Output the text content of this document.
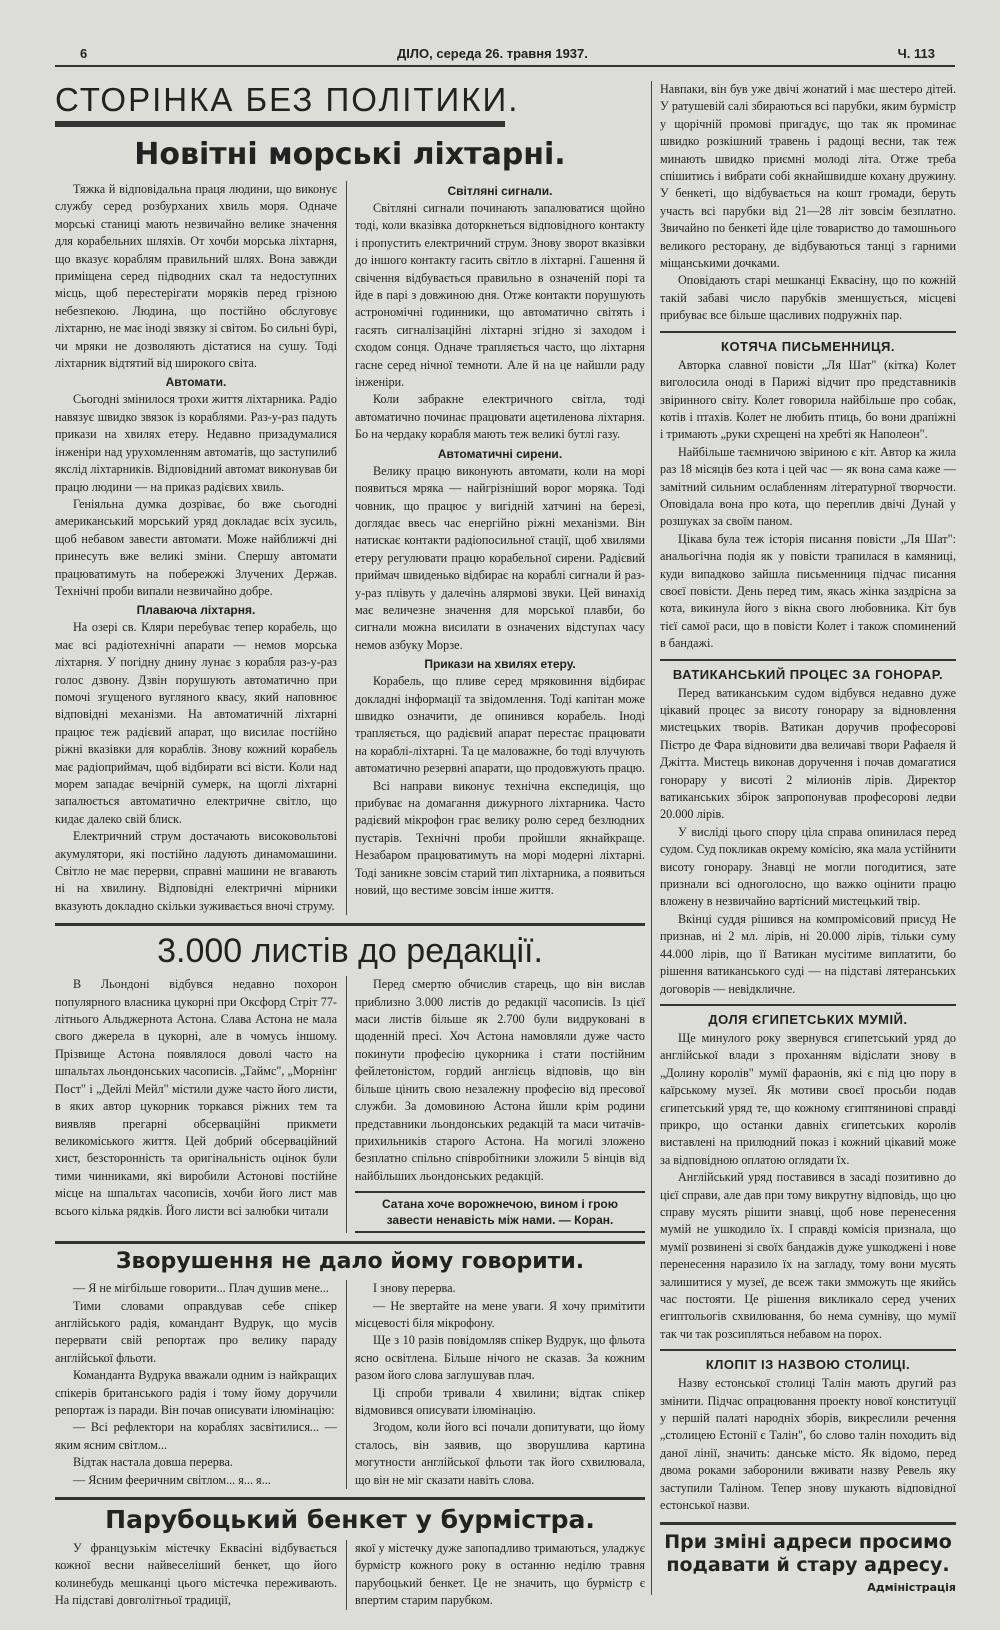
6	ДІЛО, середа 26. травня 1937.	Ч. 113
СТОРІНКА БЕЗ ПОЛІТИКИ.
Новітні морські ліхтарні.

Тяжка й відповідальна праця людини, що виконує службу серед розбурханих хвиль моря. Одначе морські станиці мають незвичайно велике значення для корабельних шляхів. От хочби морська ліхтарня, що вказує кораблям правильний шлях. Вона завжди приміщена серед підводних скал та недоступних місць, щоб перестерігати моряків перед грізною небезпекою. Людина, що постійно обслуговує ліхтарню, не має іноді звязку зі світом. Бо сильні бурі, чи мряки не дозволяють дістатися на сушу. Тоді ліхтарник відтятий від широкого світа.

Автомати.

Сьогодні змінилося трохи життя ліхтарника. Радіо навязує швидко звязок із кораблями. Раз-у-раз падуть прикази на хвилях етеру. Недавно призадумалися інженіри над урухомленням автоматів, що заступилиб якслід ліхтарників. Відповідний автомат виконував би працю людини — на приказ радієвих хвиль.

Геніяльна думка дозріває, бо вже сьогодні американський морський уряд докладає всіх зусиль, щоб небавом завести автомати. Може найближчі дні принесуть вже великі зміни. Спершу автомати працюватимуть на побережжі Злучених Держав. Технічні проби випали незвичайно добре.

Плаваюча ліхтарня.

На озері св. Кляри перебуває тепер корабель, що має всі радіотехнічні апарати — немов морська ліхтарня. У погідну днину лунає з корабля раз-у-раз голос дзвону. Дзвін порушують автоматично при помочі згущеного вугляного квасу, який наповнює відповідні механізми. На автоматичній ліхтарні працює теж радієвий апарат, що висилає постійно ріжні вказівки для кораблів. Знову кожний корабель має радіоприймач, щоб відбирати всі вісти. Коли над морем западає вечірній сумерк, на щоглі ліхтарні запалюється автоматично електричне світло, що кидає далеко свій блиск.

Електричний струм достачають високовольтові акумулятори, які постійно ладують динамомашини. Світло не має перерви, справні машини не вгавають ні на хвилину. Відповідні електричні мірники вказують докладно скільки зуживається вночі струму.

Світляні сигнали.

Світляні сигнали починають запалюватися щойно тоді, коли вказівка доторкнеться відповідного контакту і пропустить електричний струм. Знову зворот вказівки до іншого контакту гасить світло в ліхтарні. Гашення й свічення відбувається правильно в означеній порі та йде в парі з довжиною дня. Отже контакти порушують астрономічні годинники, що автоматично світять і гасять сигналізаційні ліхтарні згідно зі заходом і сходом сонця. Одначе трапляється часто, що ліхтарня гасне серед нічної темноти. Але й на це найшли раду інженіри.

Коли забракне електричного світла, тоді автоматично починає працювати ацетиленова ліхтарня. Бо на чердаку корабля мають теж великі бутлі газу.

Автоматичні сирени.

Велику працю виконують автомати, коли на морі появиться мряка — найгрізніший ворог моряка. Тоді човник, що працює у вигідній хатчині на березі, доглядає ввесь час енергійно ріжні механізми. Він натискає контакти радіопосильної стації, щоб хвилями етеру регулювати працю корабельної сирени. Радієвий приймач швиденько відбирає на кораблі сигнали й раз-у-раз плівуть у далечінь алярмові звуки. Цей винахід має величезне значення для морської плавби, бо сигнали можна висилати в означених відступах часу немов азбуку Морзе.

Прикази на хвилях етеру.

Корабель, що пливе серед мряковиння відбирає докладні інформації та звідомлення. Тоді капітан може швидко означити, де опинився корабель. Іноді трапляється, що радієвий апарат перестає працювати на кораблі-ліхтарні. Та це маловажне, бо тоді влучують автоматично резервні апарати, що продовжують працю.

Всі направи виконує технічна експедиція, що прибуває на домагання дижурного ліхтарника. Часто радієвий мікрофон грає велику ролю серед безлюдних пустарів. Технічні проби пройшли якнайкраще. Незабаром працюватимуть на морі модерні ліхтарні. Тоді заникне зовсім старий тип ліхтарника, а появиться новий, що вестиме зовсім інше життя.

3.000 листів до редакції.

В Льондоні відбувся недавно похорон популярного власника цукорні при Оксфорд Стріт 77-літнього Альджернота Астона. Слава Астона не мала свого джерела в цукорні, але в чомусь іншому. Прізвище Астона появлялося доволі часто на шпальтах льондонських часописів. „Таймс", „Морнінг Пост" і „Дейлі Мейл" містили дуже часто його листи, в яких автор цукорник торкався ріжних тем та виявляв прегарні обсерваційні прикмети великоміського життя. Цей добрий обсерваційний хист, безсторонність та оригінальність оцінок були тими чинниками, які виробили Астонові постійне місце на шпальтах часописів, хочби його лист мав всього кілька рядків. Його листи всі залюбки читали

Перед смертю обчислив старець, що він вислав приблизно 3.000 листів до редакції часописів. Із цієї маси листів більше як 2.700 були видруковані в щоденній пресі. Хоч Астона намовляли дуже часто покинути професію цукорника і стати постійним фейлетоністом, гордий англієць відповів, що він більше цінить свою незалежну професію від пресової служби. За домовиною Астона йшли крім родини представники льондонських редакцій та маси читачів-прихильників старого Астона. На могилі зложено безплатно спільно співробітники зложили 5 вінців від найбільших льондонських редакцій.

Сатана хоче ворожнечою, вином і грою завести ненавість між нами. — Коран.
Зворушення не дало йому говорити.

— Я не мігбільше говорити... Плач душив мене...

Тими словами оправдував себе спікер англійського радія, командант Вудрук, що мусів перервати свій репортаж про велику параду англійської фльоти.

Команданта Вудрука вважали одним із найкращих спікерів британського радія і тому йому доручили репортаж із паради. Він почав описувати ілюмінацію:

— Всі рефлектори на кораблях засвітилися... — яким ясним світлом...

Відтак настала довша перерва.

— Ясним фееричним світлом... я... я...

І знову перерва.

— Не звертайте на мене уваги. Я хочу примітити місцевості біля мікрофону.

Ще з 10 разів повідомляв спікер Вудрук, що фльота ясно освітлена. Більше нічого не сказав. За кожним разом його слова заглушував плач.

Ці спроби тривали 4 хвилини; відтак спікер відмовився описувати ілюмінацію.

Згодом, коли його всі почали допитувати, що йому сталось, він заявив, що зворушлива картина могутности англійської фльоти так його схвилювала, що він не міг сказати навіть слова.

Парубоцький бенкет у бурмістра.

У французькім містечку Еквасіні відбувається кожної весни найвеселіший бенкет, що його колинебудь мешканці цього містечка переживають. На підставі довголітньої традиції,

якої у містечку дуже запопадливо тримаються, уладжує бурмістр кожного року в останню неділю травня парубоцький бенкет. Це не значить, що бурмістр є впертим старим парубком.

Навпаки, він був уже двічі жонатий і має шестеро дітей. У ратушевій салі збираються всі парубки, яким бурмістр у щорічній промові пригадує, що так як проминає швидко розкішний травень і радощі весни, так теж минають швидко приємні молоді літа. Отже треба спішитись і вибрати собі якнайшвидше кохану дружину. У бенкеті, що відбувається на кошт громади, беруть участь всі парубки від 21—28 літ зовсім безплатно. Звичайно по бенкеті йде ціле товариство до тамошнього великого ресторану, де відбуваються танці з гарними міщанськими дочками.

Оповідають старі мешканці Еквасіну, що по кожній такій забаві число парубків зменшується, місцеві прибуває все більше щасливих подружніх пар.

КОТЯЧА ПИСЬМЕННИЦЯ.

Авторка славної повісти „Ля Шат" (кітка) Колет виголосила оноді в Парижі відчит про представників звіринного світу. Колет говорила найбільше про собак, котів і птахів. Колет не любить птиць, бо вони дрaпіжні і тримають „руки схрещені на хребті як Наполеон".

Найбільше таємничою звіриною є кіт. Автор ка жила раз 18 місяців без кота і цей час — як вона сама каже — замітний сильним ослабленням літературної творчости. Оповідала вона про кота, що переплив двічі Дунай у розшуках за своїм паном.

Цікава була теж історія писання повісти „Ля Шат": анальогічна подія як у повісти трапилася в камяниці, куди випадково зайшла письменниця підчас писання своєї повісти. День перед тим, якась жінка заздрісна за кота, викинула його з вікна свого любовника. Кіт був тієї самої раси, що в повісти Колет і також споминений в бандажі.

ВАТИКАНСЬКИЙ ПРОЦЕС ЗА ГОНОРАР.

Перед ватиканським судом відбувся недавно дуже цікавий процес за висоту гонорару за відновлення мистецьких творів. Ватикан доручив професорові Пієтро де Фара відновити два величаві твори Рафаеля й Джітта. Мистець виконав доручення і почав домагатися гонорару у висоті 2 мілионів лірів. Директор ватиканських збірок запропонував професорові ледви 20.000 лірів.

У висліді цього спору ціла справа опинилася перед судом. Суд покликав окрему комісію, яка мала устійнити висоту гонорару. Знавці не могли погодитися, зате признали всі одноголосно, що важко оцінити працю вложену в незвичайно вартісний мистецький твір.

Вкінці суддя рішився на компромісовий присуд Не признав, ні 2 мл. лірів, ні 20.000 лірів, тільки суму 44.000 лірів, що її Ватикан мусітиме виплатити, бо рішення ватиканського суді — на підставі лятеранських договорів — невідкличне.

ДОЛЯ ЄГИПЕТСЬКИХ МУМІЙ.

Ще минулого року звернувся єгипетський уряд до англійської влади з проханням відіслати знову в „Долину королів" мумії фараонів, які є під цю пору в каїрському музеї. Як мотиви своєї просьби подав єгипетський уряд те, що кожному єгиптянинові справді прикро, що останки давніх єгипетських королів виставлені на прилюдний показ і кожний цікавий може за відповідною оплатою оглядати їх.

Англійський уряд поставився в засаді позитивно до цієї справи, але дав при тому викрутну відповідь, що цю справу мусять рішити знавці, щоб нове перенесення мумій не ушкодило їх. І справді комісія признала, що мумії розвинені зі своїх бандажів дуже ушкоджені і нове перенесення наразило їх на загладу, тому вони мусять залишитися у музеї, де всеж таки змможуть ще якийсь час постояти. Це рішення викликало серед учених египтольогів схвилювання, бо нема сумніву, що мумії так чи так розсипляться небавом на порох.

КЛОПІТ ІЗ НАЗВОЮ СТОЛИЦІ.

Назву естонської столиці Талін мають другий раз змінити. Підчас опрацювання проекту нової конституції у першій палаті народніх зборів, викреслили речення „столицею Естонії є Талін", бо слово талін походить від даної лінії, значить: данське місто. Як відомо, перед двома роками заборонили вживати назву Ревель яку заступили Таліном. Тепер знову шукають відповідної естонської назви.

При зміні адреси просимо подавати й стару адресу.
Адміністрація
